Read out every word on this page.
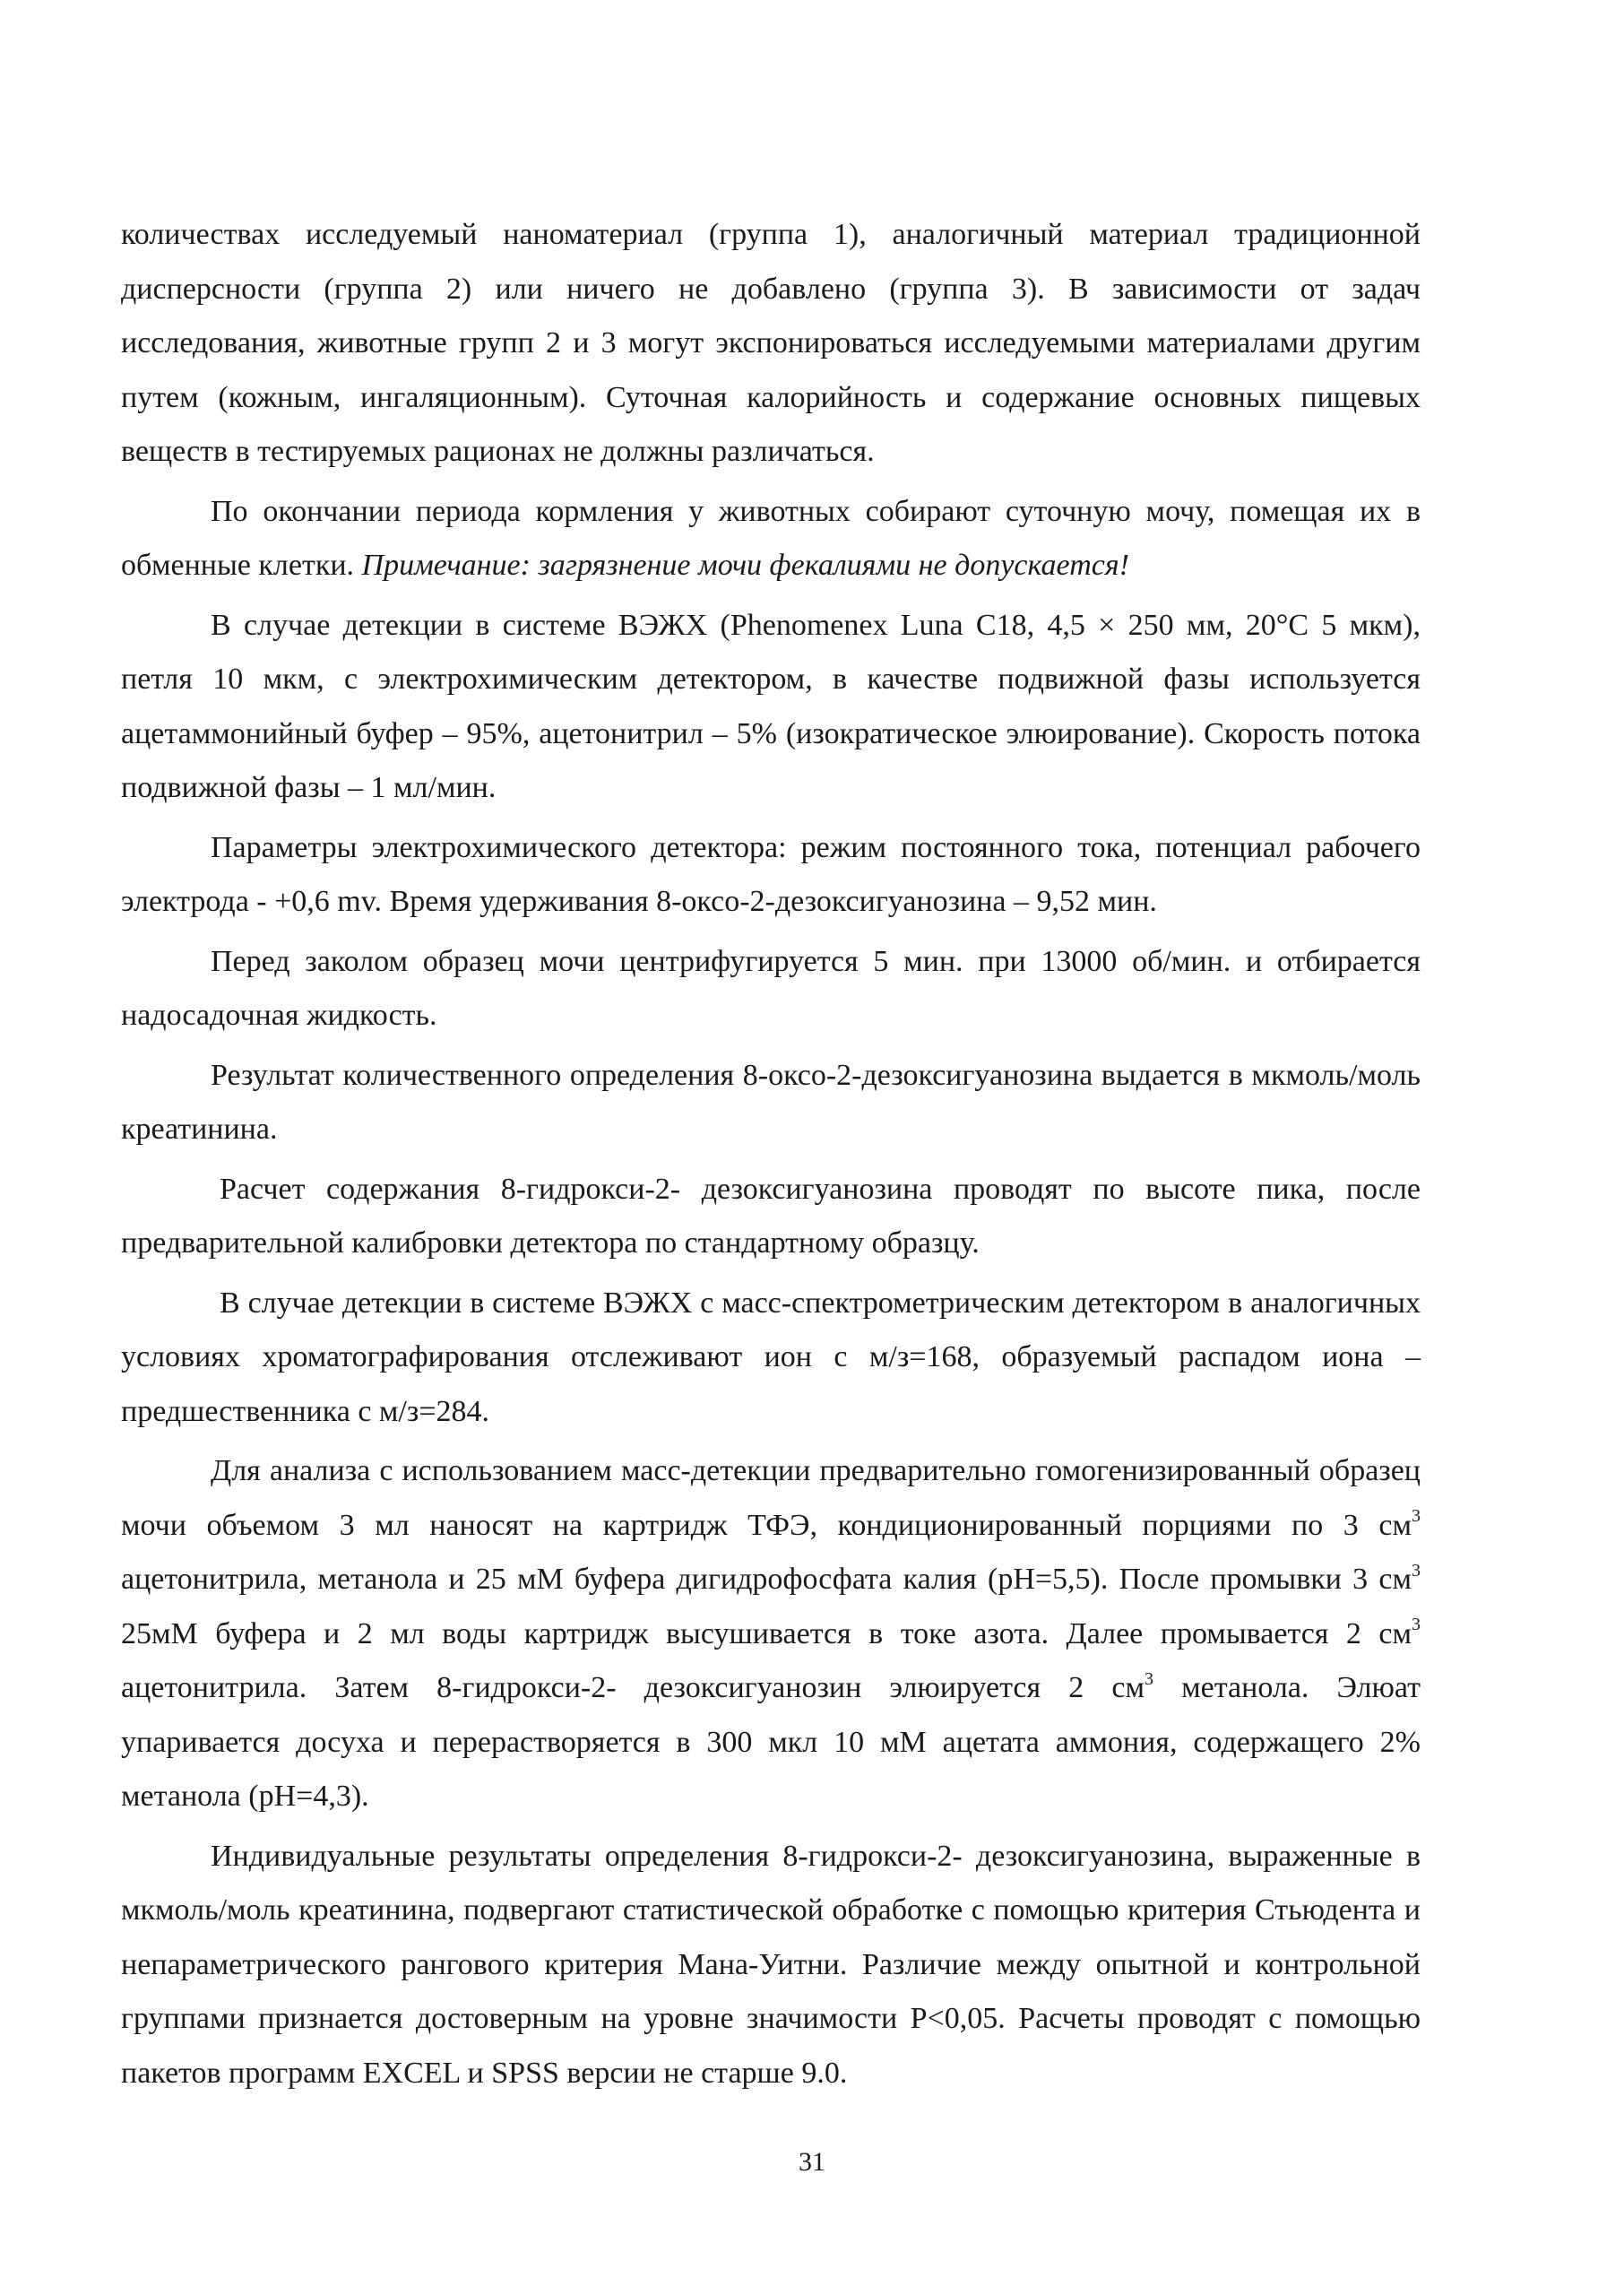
количествах исследуемый наноматериал (группа 1), аналогичный материал традиционной дисперсности (группа 2) или ничего не добавлено (группа 3). В зависимости от задач исследования, животные групп 2 и 3 могут экспонироваться исследуемыми материалами другим путем (кожным, ингаляционным). Суточная калорийность и содержание основных пищевых веществ в тестируемых рационах не должны различаться.

По окончании периода кормления у животных собирают суточную мочу, помещая их в обменные клетки. Примечание: загрязнение мочи фекалиями не допускается!

В случае детекции в системе ВЭЖХ (Phenomenex Luna C18, 4,5 × 250 мм, 20°C 5 мкм), петля 10 мкм, с электрохимическим детектором, в качестве подвижной фазы используется ацетаммонийный буфер – 95%, ацетонитрил – 5% (изократическое элюирование). Скорость потока подвижной фазы – 1 мл/мин.

Параметры электрохимического детектора: режим постоянного тока, потенциал рабочего электрода - +0,6 mv. Время удерживания 8-оксо-2-дезоксигуанозина – 9,52 мин.

Перед заколом образец мочи центрифугируется 5 мин. при 13000 об/мин. и отбирается надосадочная жидкость.

Результат количественного определения 8-оксо-2-дезоксигуанозина выдается в мкмоль/моль креатинина.

Расчет содержания 8-гидрокси-2- дезоксигуанозина проводят по высоте пика, после предварительной калибровки детектора по стандартному образцу.

В случае детекции в системе ВЭЖХ с масс-спектрометрическим детектором в аналогичных условиях хроматографирования отслеживают ион с м/з=168, образуемый распадом иона – предшественника с м/з=284.

Для анализа с использованием масс-детекции предварительно гомогенизированный образец мочи объемом 3 мл наносят на картридж ТФЭ, кондиционированный порциями по 3 $см^3$ ацетонитрила, метанола и 25 мМ буфера дигидрофосфата калия (pH=5,5). После промывки 3 $см^3$ 25мМ буфера и 2 мл воды картридж высушивается в токе азота. Далее промывается 2 $см^3$ ацетонитрила. Затем 8-гидрокси-2- дезоксигуанозин элюируется 2 $см^3$ метанола. Элюат упаривается досуха и перерастворяется в 300 мкл 10 мМ ацетата аммония, содержащего 2% метанола (pH=4,3).

Индивидуальные результаты определения 8-гидрокси-2- дезоксигуанозина, выраженные в мкмоль/моль креатинина, подвергают статистической обработке с помощью критерия Стьюдента и непараметрического рангового критерия Мана-Уитни. Различие между опытной и контрольной группами признается достоверным на уровне значимости P<0,05. Расчеты проводят с помощью пакетов программ EXCEL и SPSS версии не старше 9.0.

31
